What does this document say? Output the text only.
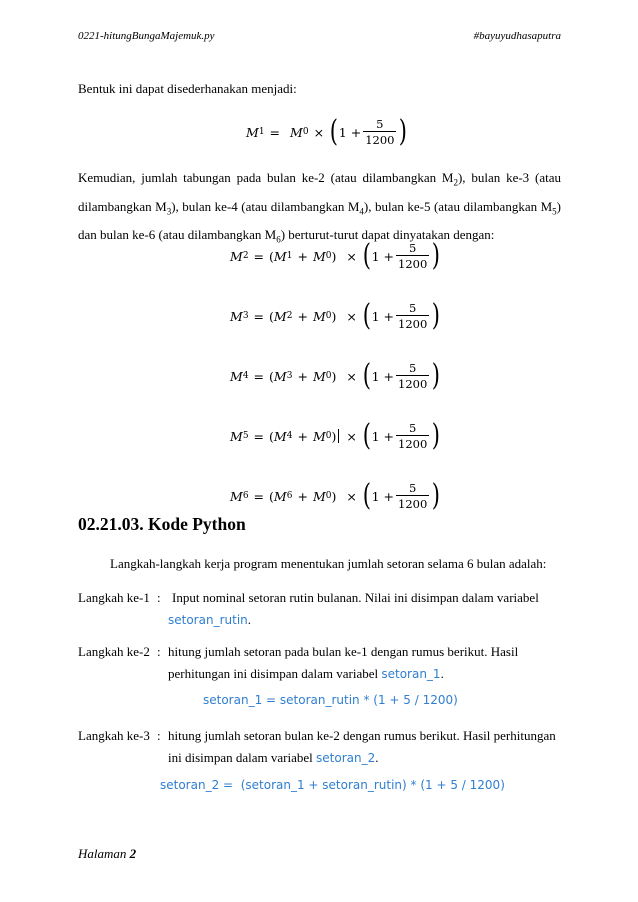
0221-hitungBungaMajemuk.py	#bayuyudhasaputra
Bentuk ini dapat disederhanakan menjadi:
M 1 = M 0 × ( $1 + \frac{5}{1200}$ )
Kemudian, jumlah tabungan pada bulan ke-2 (atau dilambangkan $M_2$), bulan ke-3 (atau dilambangkan $M_3$), bulan ke-4 (atau dilambangkan $M_4$), bulan ke-5 (atau dilambangkan $M_5$) dan bulan ke-6 (atau dilambangkan $M_6$) berturut-turut dapat dinyatakan dengan:
M 2 = ( M 1 + M 0 ) × ( $1 + \frac{5}{1200}$ )
M 3 = ( M 2 + M 0 ) × ( $1 + \frac{5}{1200}$ )
M 4 = ( M 3 + M 0 ) × ( $1 + \frac{5}{1200}$ )
M 5 = ( M 4 + M 0 ) × ( $1 + \frac{5}{1200}$ )
M 6 = ( M 6 + M 0 ) × ( $1 + \frac{5}{1200}$ )
02.21.03. Kode Python
Langkah-langkah kerja program menentukan jumlah setoran selama 6 bulan adalah:
Langkah ke-1 : Input nominal setoran rutin bulanan. Nilai ini disimpan dalam variabel
setoran_rutin.
Langkah ke-2 : hitung jumlah setoran pada bulan ke-1 dengan rumus berikut. Hasil
perhitungan ini disimpan dalam variabel setoran_1.
setoran_1 = setoran_rutin * (1 + 5 / 1200)
Langkah ke-3 : hitung jumlah setoran bulan ke-2 dengan rumus berikut. Hasil perhitungan
ini disimpan dalam variabel setoran_2.
setoran_2 =  (setoran_1 + setoran_rutin) * (1 + 5 / 1200)
Halaman 2
